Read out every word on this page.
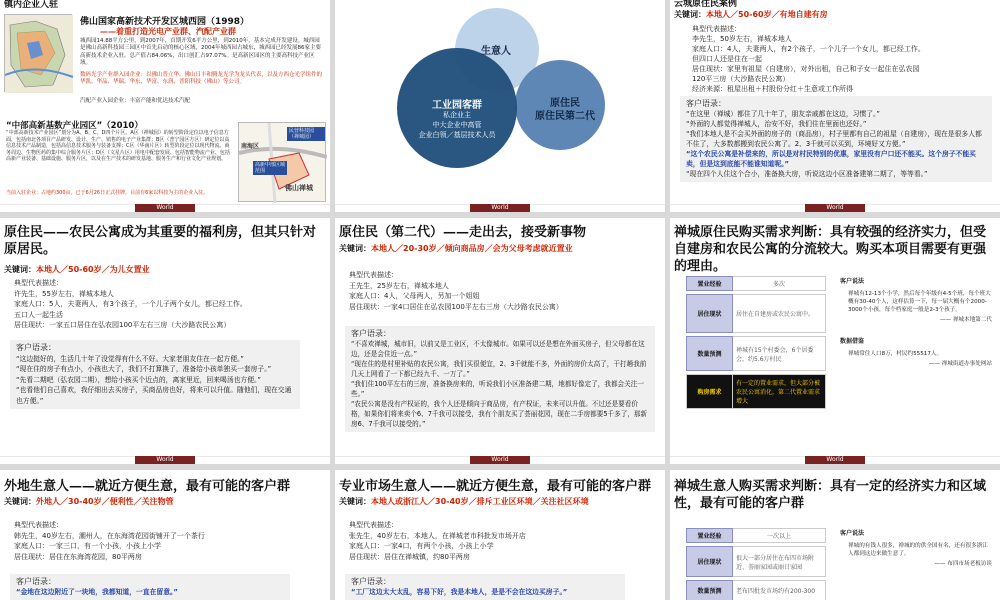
镇内企业入驻
佛山国家高新技术开发区城西园（1998）
——着重打造光电产业群、汽配产业群
城西园14.88平方公里，到2007年，首期开发6平方公里，到2010年，基本完成开发建设。城西园是佛山高新科技园三园区中首先启动的核心区域，2004年城西园占城东，城西园已经发展86家主要高新技术企业入驻。总产值占84.06%，出口创汇占97.07%。是高新区园区的主要高科技产业区域。
数码光学产业群入园企业：以佛山普立华、佛山日丰和腾龙光学为龙头代表，以及方西仓光学组件的华凯、华品、华瑞、华东、华富、东润、普阳科技（佛山）等公司。
汽配产业入园企业：丰富产能和优达技术汽配
“中部高新基数产业园区”（2010）
“中部高新技术产业园区”划分为A、B、C、D四个片区。A区（禅城园）的转型阶段定位以电子信息方面，包括南北各项目产品研发、设计、生产、销售的电子产业集群；B区（普宁园区方区）研定位以高信息技术产品制造，包括高信息技术服务与装备支撑；C区（华南片区）转型阶段定位以现代物流、商务周边、生物医药的集中综合服务片区；D区（文星片区）用电中配套发展、包括智能物流产业、包括高新产业装备、基础设施、服务片区，以及在生产技术的研发基地、服务生产和行业文化产业规划。
当前入驻企业：占地约300亩，已于6月26日正式挂牌。目前有6家以科技为主的企业入驻。
民营科技园（禅城园）
高新中部区域范围
南海区
佛山禅城
World
生意人
工业园客群
私企业主
中大企业中高管
企业白领／基层技术人员
原住民
原住民第二代
World
云城原住民案例
关键词：本地人／50-60岁／有地自建有房
典型代表描述：
李先生，50岁左右，禅城本地人
家庭人口：4人，夫妻两人，有2个孩子，一个儿子一个女儿，都已经工作。
但四口人还是住在一起
居住现状：家里有祖屋（自建房），对外出租，自己和子女一起住在弘农园
120平三房（大沙路农民公寓）
经济来源：租屋出租＋村股份分红＋生意或工作所得
客户语录：
“在这里（禅城）都住了几十年了，朋友亲戚都在这边，习惯了。”
“外面的人都觉得禅城人，治安不好，我们住在里面也还好。”
“我们本地人是不会买外面的房子的（商品房），村子里都有自己的祖屋（自建房），现在是很多人都不住了，大多数都搬到农民公寓了。2、3千就可以买到，环境好又方便。”
“这个农民公寓是补偿来的，所以是对村民特别的优惠，家里没有户口还不能买。这个房子不能买卖，但是这到底能不能谁知道呢。”
“现在四个人住这个合小，准备换大房，听说这边小区准备建第二期了，等等看。”
World
原住民——农民公寓成为其重要的福利房，但其只针对原居民。
关键词：本地人／50-60岁／为儿女置业
典型代表描述：
许先生，55岁左右，禅城本地人
家庭人口：5人，夫妻两人，有3个孩子，一个儿子两个女儿，都已经工作。
五口人一起生活
居住现状：一家五口居住在弘农园100平左右三房（大沙路农民公寓）
客户语录：
“这边挺好的，生活几十年了没觉得有什么不好。大家老朋友住在一起方便。”
“现在住的房子有点小，小孩也大了，我们不打算换了，准备给小孩单独买一套房子。”
“先看二期吧（弘农园二期），想给小孩买个近点的，离家里近，回来喝汤也方便。”
“也看他们自己喜欢，我仔细出去买房子，买商品房也好，将来可以升值。随他们，现在交通也方便。”
World
原住民（第二代）——走出去，接受新事物
关键词：本地人／20-30岁／倾向商品房／会为父母考虑就近置业
典型代表描述：
王先生，25岁左右，禅城本地人
家庭人口：4人，父母两人，另加一个姐姐
居住现状：一家4口居住在弘农园100平左右三房（大沙路农民公寓）
客户语录：
“不喜欢禅城，城市旧，以前又是工业区，不太像城市。如果可以还是想在外面买房子，但父母都在这边，还是会住近一点。”
“现在住的是村里补贴的农民公寓，我们买很便宜，2、3千就能不多，外面的房价太高了，干打趟我前几天上网看了一下都已经九千、一万了。”
“我们住100平左右的三房，准备换房来的，听说我们小区准备建二期，地都好像定了，我都会关注一些。”
“农民公寓是没有产权证的，我个人还是倾向于商品房，有产权证，未来可以升值。不过还是要看价格，如果你们将来卖个6、7千我可以接受，我有个朋友买了荟丽花园，现在二手房都要5千多了，那新房6、7千我可以接受的。”
World
禅城原住民购买需求判断：具有较强的经济实力，但受自建房和农民公寓的分流较大。购买本项目需要有更强的理由。
置业经验	多次

居住现状	居住在自建房或农民公寓中。

数量预测	禅城有15个村委会，6个居委会，约5.6万村民

购房需求	有一定的置业需求，但大部分被农民公寓消化，第二代置业需求增大
客户说法
禅城有12-13个小学，然后每个年级有4-5个班，每个班大概有30-40个人，这样估算一下，每一届大概有个2000-3000个小孩，每个档家庭一般是2-3个孩子。
—— 禅城本地第二代
数据借鉴
禅城常住人口8万，村民约55517人。
—— 禅城街道办事处网站
World
外地生意人——就近方便生意，最有可能的客户群
关键词：外地人／30-40岁／便利性／关注物管
典型代表描述：
韩先生，40岁左右，潮州人，在东海湾花园街铺开了一个茶行
家庭人口：一家三口，有一个小孩，小孩上小学
居住现状：居住在东海湾花园，80平两房
客户语录：
“金地在这边附近了一块地，我都知道，一直在留意。”
专业市场生意人——就近方便生意，最有可能的客户群
关键词：本地人或浙江人／30-40岁／排斥工业区环境／关注社区环境
典型代表描述：
张先生，40岁左右，本地人，在禅城老市科批发市场开店
家庭人口：一家4口，有两个小孩，小孩上小学
居住现状：居住在禅城镇，约80平两房
客户语录：
“工厂这边太大太乱，容易下好，我是本地人，是是不会在这边买房子。”
禅城生意人购买需求判断：具有一定的经济实力和区域性，最有可能的客户群
置业经验	一次以上

居住现状	很大一部分居住在布四市场附近、荟丽家园或丽日家园

数量预测	老布四批发市场约有200-300
客户说法
禅城的有钱人很多，禅城的的供全国有名，还有很多浙江人都到这边来做生意了。
—— 布四市场老板访谈
